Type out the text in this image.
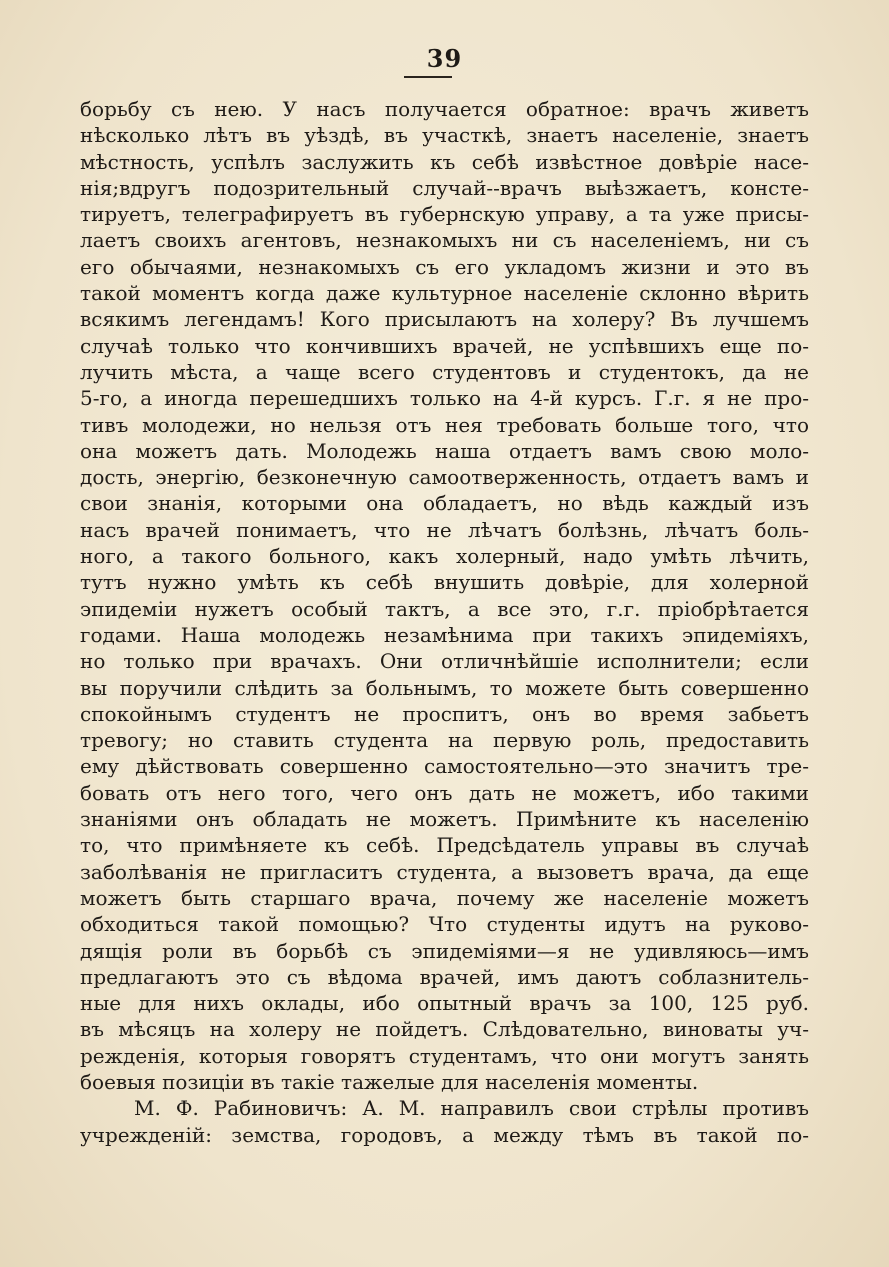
39
борьбу съ нею. У насъ получается обратное: врачъ живетъ
нѣсколько лѣтъ въ уѣздѣ, въ участкѣ, знаетъ населенiе, знаетъ
мѣстность, успѣлъ заслужить къ себѣ извѣстное довѣрiе насе-
нiя;вдругъ подозрительный случай--врачъ выѣзжаетъ, консте-
тируетъ, телеграфируетъ въ губернскую управу, а та уже присы-
лаетъ своихъ агентовъ, незнакомыхъ ни съ населенiемъ, ни съ
его обычаями, незнакомыхъ съ его укладомъ жизни и это въ
такой моментъ когда даже культурное населенiе склонно вѣрить
всякимъ легендамъ! Кого присылаютъ на холеру? Въ лучшемъ
случаѣ только что кончившихъ врачей, не успѣвшихъ еще по-
лучить мѣста, а чаще всего студентовъ и студентокъ, да не
5-го, а иногда перешедшихъ только на 4-й курсъ. Г.г. я не про-
тивъ молодежи, но нельзя отъ нея требовать больше того, что
она можетъ дать. Молодежь наша отдаетъ вамъ свою моло-
дость, энергiю, безконечную самоотверженность, отдаетъ вамъ и
свои знанiя, которыми она обладаетъ, но вѣдь каждый изъ
насъ врачей понимаетъ, что не лѣчатъ болѣзнь, лѣчатъ боль-
ного, а такого больного, какъ холерный, надо умѣть лѣчить,
тутъ нужно умѣть къ себѣ внушить довѣрiе, для холерной
эпидемiи нужетъ особый тактъ, а все это, г.г. прiобрѣтается
годами. Наша молодежь незамѣнима при такихъ эпидемiяхъ,
но только при врачахъ. Они отличнѣйшiе исполнители; если
вы поручили слѣдить за больнымъ, то можете быть совершенно
спокойнымъ студентъ не проспитъ, онъ во время забьетъ
тревогу; но ставить студента на первую роль, предоставить
ему дѣйствовать совершенно самостоятельно—это значитъ тре-
бовать отъ него того, чего онъ дать не можетъ, ибо такими
знанiями онъ обладать не можетъ. Примѣните къ населенiю
то, что примѣняете къ себѣ. Предсѣдатель управы въ случаѣ
заболѣванiя не пригласитъ студента, а вызоветъ врача, да еще
можетъ быть старшаго врача, почему же населенiе можетъ
обходиться такой помощью? Что студенты идутъ на руково-
дящiя роли въ борьбѣ съ эпидемiями—я не удивляюсь—имъ
предлагаютъ это съ вѣдома врачей, имъ даютъ соблазнитель-
ные для нихъ оклады, ибо опытный врачъ за 100, 125 руб.
въ мѣсяцъ на холеру не пойдетъ. Слѣдовательно, виноваты уч-
режденiя, которыя говорятъ студентамъ, что они могутъ занять
боевыя позицiи въ такiе тажелые для населенiя моменты.
М. Ф. Рабиновичъ: А. М. направилъ свои стрѣлы противъ
учрежденiй: земства, городовъ, а между тѣмъ въ такой по-
